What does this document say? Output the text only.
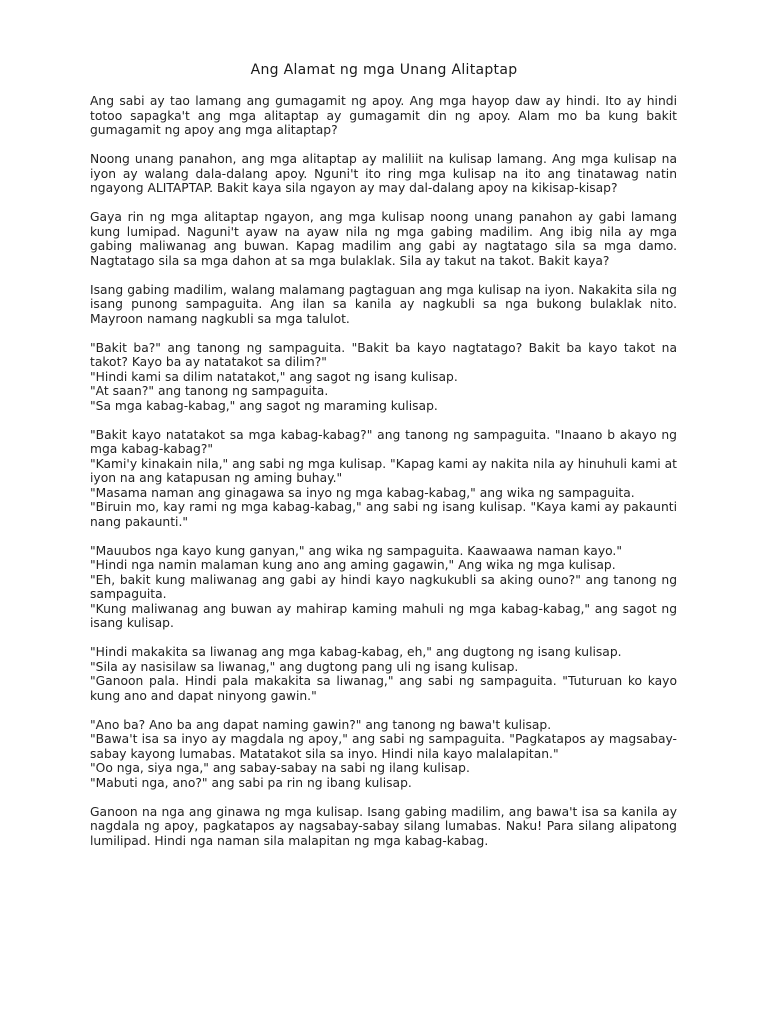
Ang Alamat ng mga Unang Alitaptap
Ang sabi ay tao lamang ang gumagamit ng apoy. Ang mga hayop daw ay hindi. Ito ay hindi totoo sapagka't ang mga alitaptap ay gumagamit din ng apoy. Alam mo ba kung bakit gumagamit ng apoy ang mga alitaptap?
Noong unang panahon, ang mga alitaptap ay maliliit na kulisap lamang. Ang mga kulisap na iyon ay walang dala-dalang apoy. Nguni't ito ring mga kulisap na ito ang tinatawag natin ngayong ALITAPTAP. Bakit kaya sila ngayon ay may dal-dalang apoy na kikisap-kisap?
Gaya rin ng mga alitaptap ngayon, ang mga kulisap noong unang panahon ay gabi lamang kung lumipad. Naguni't ayaw na ayaw nila ng mga gabing madilim. Ang ibig nila ay mga gabing maliwanag ang buwan. Kapag madilim ang gabi ay nagtatago sila sa mga damo. Nagtatago sila sa mga dahon at sa mga bulaklak. Sila ay takut na takot. Bakit kaya?
Isang gabing madilim, walang malamang pagtaguan ang mga kulisap na iyon. Nakakita sila ng isang punong sampaguita. Ang ilan sa kanila ay nagkubli sa nga bukong bulaklak nito. Mayroon namang nagkubli sa mga talulot.
"Bakit ba?" ang tanong ng sampaguita. "Bakit ba kayo nagtatago? Bakit ba kayo takot na takot? Kayo ba ay natatakot sa dilim?"
"Hindi kami sa dilim natatakot," ang sagot ng isang kulisap.
"At saan?" ang tanong ng sampaguita.
"Sa mga kabag-kabag," ang sagot ng maraming kulisap.
"Bakit kayo natatakot sa mga kabag-kabag?" ang tanong ng sampaguita. "Inaano b akayo ng mga kabag-kabag?"
"Kami'y kinakain nila," ang sabi ng mga kulisap. "Kapag kami ay nakita nila ay hinuhuli kami at iyon na ang katapusan ng aming buhay."
"Masama naman ang ginagawa sa inyo ng mga kabag-kabag," ang wika ng sampaguita.
"Biruin mo, kay rami ng mga kabag-kabag," ang sabi ng isang kulisap. "Kaya kami ay pakaunti nang pakaunti."
"Mauubos nga kayo kung ganyan," ang wika ng sampaguita. Kaawaawa naman kayo."
"Hindi nga namin malaman kung ano ang aming gagawin," Ang wika ng mga kulisap.
"Eh, bakit kung maliwanag ang gabi ay hindi kayo nagkukubli sa aking ouno?" ang tanong ng sampaguita.
"Kung maliwanag ang buwan ay mahirap kaming mahuli ng mga kabag-kabag," ang sagot ng isang kulisap.
"Hindi makakita sa liwanag ang mga kabag-kabag, eh," ang dugtong ng isang kulisap.
"Sila ay nasisilaw sa liwanag," ang dugtong pang uli ng isang kulisap.
"Ganoon pala. Hindi pala makakita sa liwanag," ang sabi ng sampaguita. "Tuturuan ko kayo kung ano and dapat ninyong gawin."
"Ano ba? Ano ba ang dapat naming gawin?" ang tanong ng bawa't kulisap.
"Bawa't isa sa inyo ay magdala ng apoy," ang sabi ng sampaguita. "Pagkatapos ay magsabay-sabay kayong lumabas. Matatakot sila sa inyo. Hindi nila kayo malalapitan."
"Oo nga, siya nga," ang sabay-sabay na sabi ng ilang kulisap.
"Mabuti nga, ano?" ang sabi pa rin ng ibang kulisap.
Ganoon na nga ang ginawa ng mga kulisap. Isang gabing madilim, ang bawa't isa sa kanila ay nagdala ng apoy, pagkatapos ay nagsabay-sabay silang lumabas. Naku! Para silang alipatong lumilipad. Hindi nga naman sila malapitan ng mga kabag-kabag.
